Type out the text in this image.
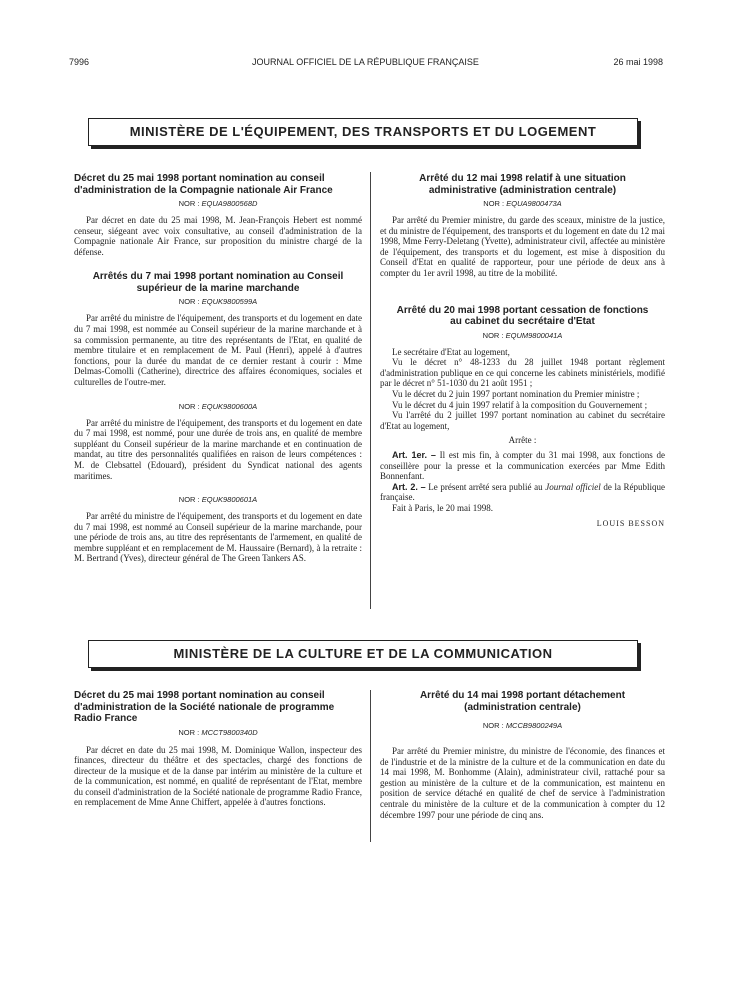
7996	JOURNAL OFFICIEL DE LA RÉPUBLIQUE FRANÇAISE	26 mai 1998
MINISTÈRE DE L'ÉQUIPEMENT, DES TRANSPORTS ET DU LOGEMENT

Décret du 25 mai 1998 portant nomination au conseil d'administration de la Compagnie nationale Air France

NOR : EQUA9800568D

Par décret en date du 25 mai 1998, M. Jean-François Hebert est nommé censeur, siégeant avec voix consultative, au conseil d'administration de la Compagnie nationale Air France, sur proposition du ministre chargé de la défense.

Arrêtés du 7 mai 1998 portant nomination au Conseil supérieur de la marine marchande

NOR : EQUK9800599A

Par arrêté du ministre de l'équipement, des transports et du logement en date du 7 mai 1998, est nommée au Conseil supérieur de la marine marchande et à sa commission permanente, au titre des représentants de l'Etat, en qualité de membre titulaire et en remplacement de M. Paul (Henri), appelé à d'autres fonctions, pour la durée du mandat de ce dernier restant à courir : Mme Delmas-Comolli (Catherine), directrice des affaires économiques, sociales et culturelles de l'outre-mer.

NOR : EQUK9800600A

Par arrêté du ministre de l'équipement, des transports et du logement en date du 7 mai 1998, est nommé, pour une durée de trois ans, en qualité de membre suppléant du Conseil supérieur de la marine marchande et en continuation de mandat, au titre des personnalités qualifiées en raison de leurs compétences : M. de Clebsattel (Edouard), président du Syndicat national des agents maritimes.

NOR : EQUK9800601A

Par arrêté du ministre de l'équipement, des transports et du logement en date du 7 mai 1998, est nommé au Conseil supérieur de la marine marchande, pour une période de trois ans, au titre des représentants de l'armement, en qualité de membre suppléant et en remplacement de M. Haussaire (Bernard), à la retraite : M. Bertrand (Yves), directeur général de The Green Tankers AS.

Arrêté du 12 mai 1998 relatif à une situation administrative (administration centrale)

NOR : EQUA9800473A

Par arrêté du Premier ministre, du garde des sceaux, ministre de la justice, et du ministre de l'équipement, des transports et du logement en date du 12 mai 1998, Mme Ferry-Deletang (Yvette), administrateur civil, affectée au ministère de l'équipement, des transports et du logement, est mise à disposition du Conseil d'Etat en qualité de rapporteur, pour une période de deux ans à compter du 1er avril 1998, au titre de la mobilité.

Arrêté du 20 mai 1998 portant cessation de fonctions au cabinet du secrétaire d'Etat

NOR : EQUM9800041A

Le secrétaire d'Etat au logement,

Vu le décret n° 48-1233 du 28 juillet 1948 portant règlement d'administration publique en ce qui concerne les cabinets ministériels, modifié par le décret n° 51-1030 du 21 août 1951 ;

Vu le décret du 2 juin 1997 portant nomination du Premier ministre ;

Vu le décret du 4 juin 1997 relatif à la composition du Gouvernement ;

Vu l'arrêté du 2 juillet 1997 portant nomination au cabinet du secrétaire d'Etat au logement,

Arrête :

Art. 1er. – Il est mis fin, à compter du 31 mai 1998, aux fonctions de conseillère pour la presse et la communication exercées par Mme Edith Bonnenfant.

Art. 2. – Le présent arrêté sera publié au Journal officiel de la République française.

Fait à Paris, le 20 mai 1998.

LOUIS BESSON

MINISTÈRE DE LA CULTURE ET DE LA COMMUNICATION

Décret du 25 mai 1998 portant nomination au conseil d'administration de la Société nationale de programme Radio France

NOR : MCCT9800340D

Par décret en date du 25 mai 1998, M. Dominique Wallon, inspecteur des finances, directeur du théâtre et des spectacles, chargé des fonctions de directeur de la musique et de la danse par intérim au ministère de la culture et de la communication, est nommé, en qualité de représentant de l'Etat, membre du conseil d'administration de la Société nationale de programme Radio France, en remplacement de Mme Anne Chiffert, appelée à d'autres fonctions.

Arrêté du 14 mai 1998 portant détachement (administration centrale)

NOR : MCCB9800249A

Par arrêté du Premier ministre, du ministre de l'économie, des finances et de l'industrie et de la ministre de la culture et de la communication en date du 14 mai 1998, M. Bonhomme (Alain), administrateur civil, rattaché pour sa gestion au ministère de la culture et de la communication, est maintenu en position de service détaché en qualité de chef de service à l'administration centrale du ministère de la culture et de la communication à compter du 12 décembre 1997 pour une période de cinq ans.
